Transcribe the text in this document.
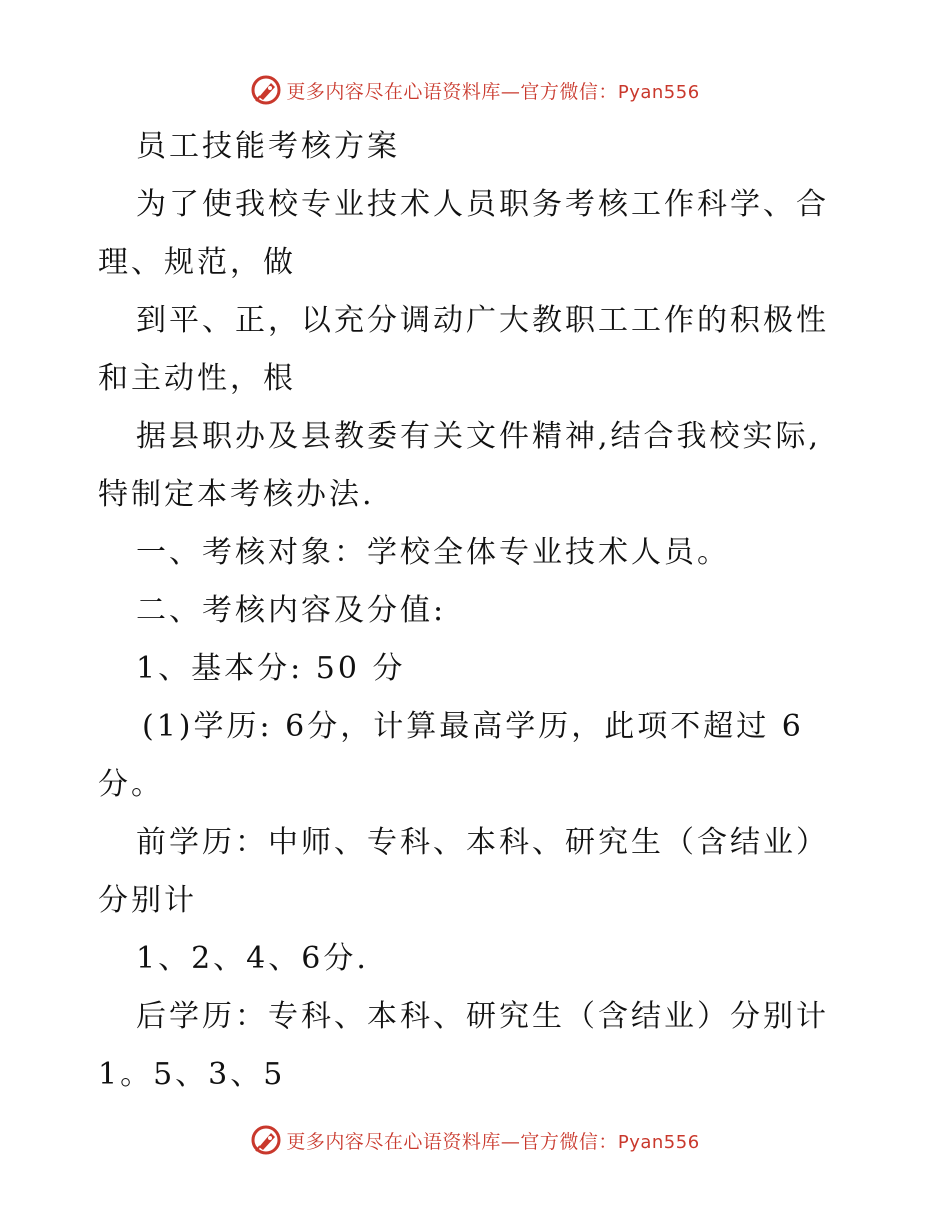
更多内容尽在心语资料库—官方微信：Pyan556
员工技能考核方案
为了使我校专业技术人员职务考核工作科学、合
理、规范，做
到平、正，以充分调动广大教职工工作的积极性
和主动性，根
据县职办及县教委有关文件精神,结合我校实际,
特制定本考核办法.
一、考核对象：学校全体专业技术人员。
二、考核内容及分值:
1、基本分: 50 分
(1)学历: 6分，计算最高学历，此项不超过 6
分。
前学历：中师、专科、本科、研究生（含结业）
分别计
1、2、4、6分.
后学历：专科、本科、研究生（含结业）分别计
1。5、3、5
更多内容尽在心语资料库—官方微信：Pyan556
